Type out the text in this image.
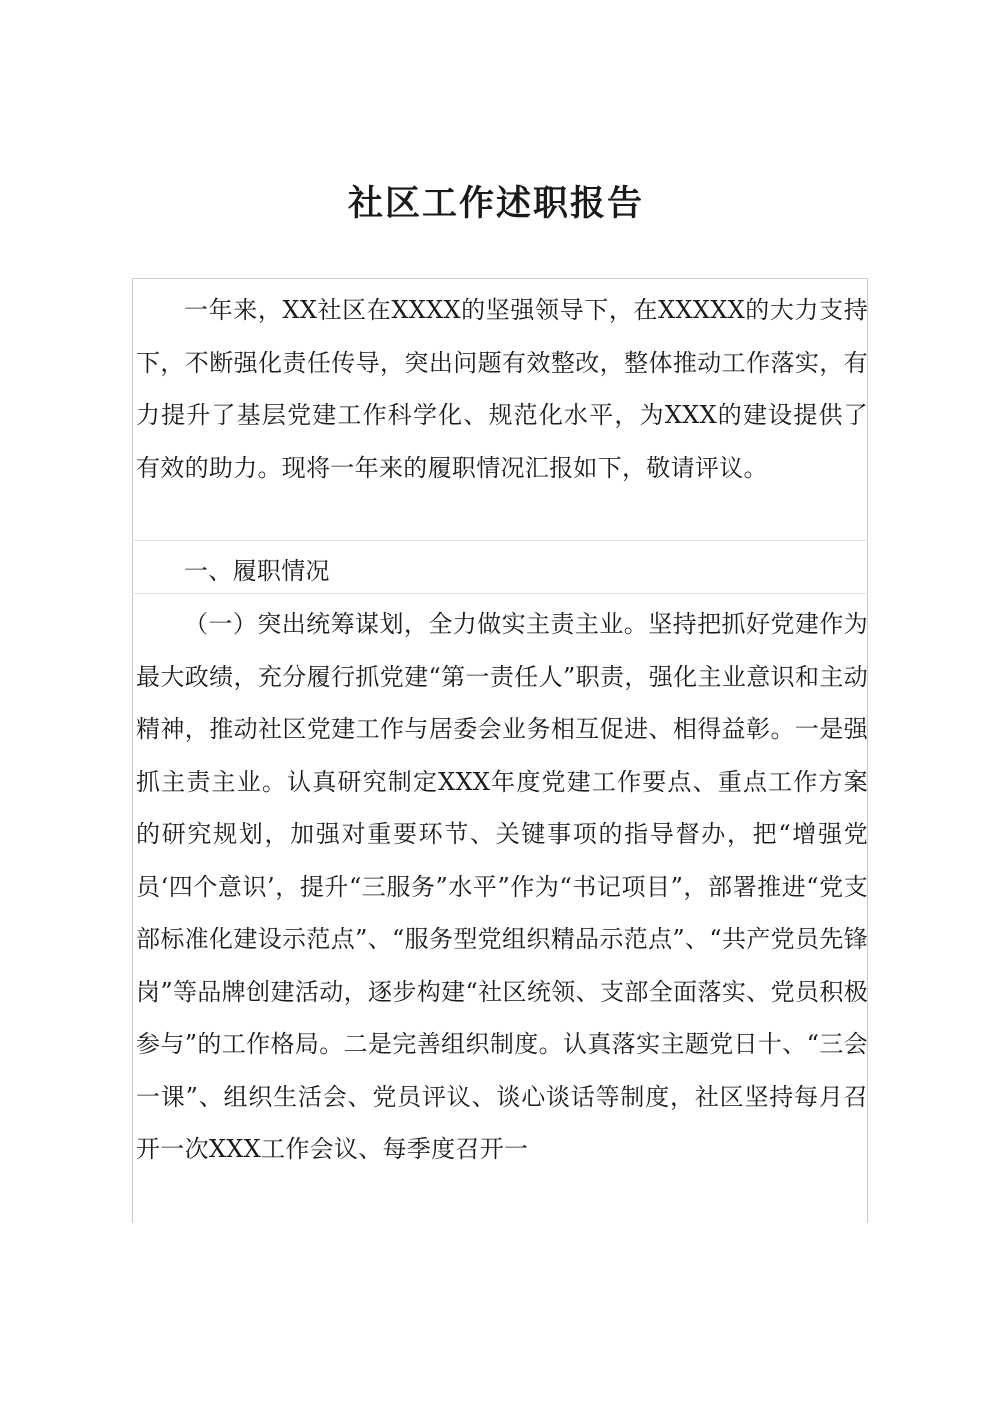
社区工作述职报告

一年来，XX社区在XXXX的坚强领导下，在XXXXX的大力支持下，不断强化责任传导，突出问题有效整改，整体推动工作落实，有力提升了基层党建工作科学化、规范化水平，为XXX的建设提供了有效的助力。现将一年来的履职情况汇报如下，敬请评议。

一、履职情况

（一）突出统筹谋划，全力做实主责主业。坚持把抓好党建作为最大政绩，充分履行抓党建“第一责任人”职责，强化主业意识和主动精神，推动社区党建工作与居委会业务相互促进、相得益彰。一是强抓主责主业。认真研究制定XXX年度党建工作要点、重点工作方案的研究规划，加强对重要环节、关键事项的指导督办，把“增强党员‘四个意识’，提升“三服务”水平”作为“书记项目”，部署推进“党支部标准化建设示范点”、“服务型党组织精品示范点”、“共产党员先锋岗”等品牌创建活动，逐步构建“社区统领、支部全面落实、党员积极参与”的工作格局。二是完善组织制度。认真落实主题党日十、“三会一课”、组织生活会、党员评议、谈心谈话等制度，社区坚持每月召开一次XXX工作会议、每季度召开一
